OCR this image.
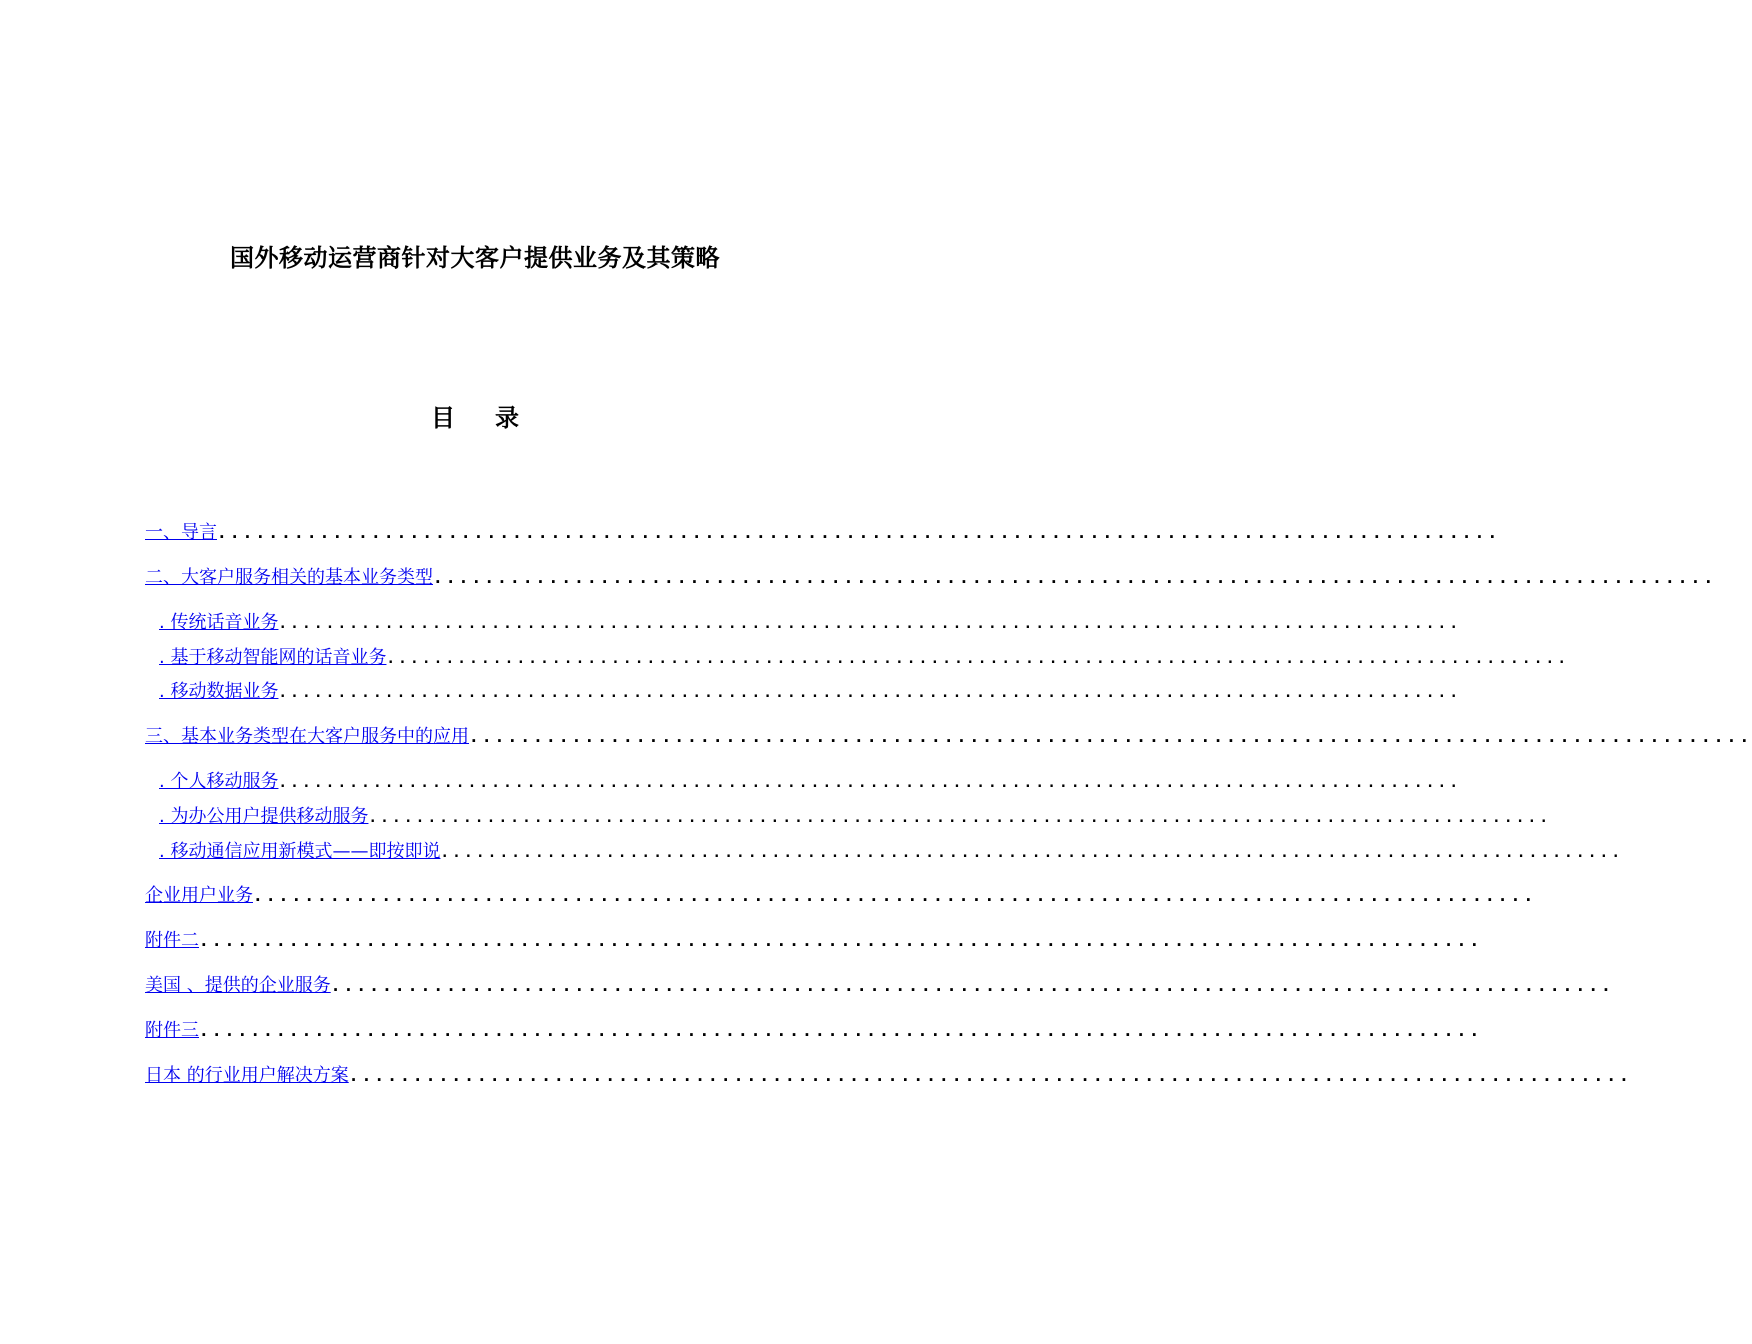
国外移动运营商针对大客户提供业务及其策略
目 录
一、导言 ....................................................................................................
二、大客户服务相关的基本业务类型 ....................................................................................................
. 传统话音业务 ....................................................................................................
. 基于移动智能网的话音业务 ....................................................................................................
. 移动数据业务 ....................................................................................................
三、基本业务类型在大客户服务中的应用 ....................................................................................................
. 个人移动服务 ....................................................................................................
. 为办公用户提供移动服务 ....................................................................................................
. 移动通信应用新模式——即按即说 ....................................................................................................
企业用户业务 ....................................................................................................
附件二 ....................................................................................................
美国 、提供的企业服务 ....................................................................................................
附件三 ....................................................................................................
日本 的行业用户解决方案 ....................................................................................................
